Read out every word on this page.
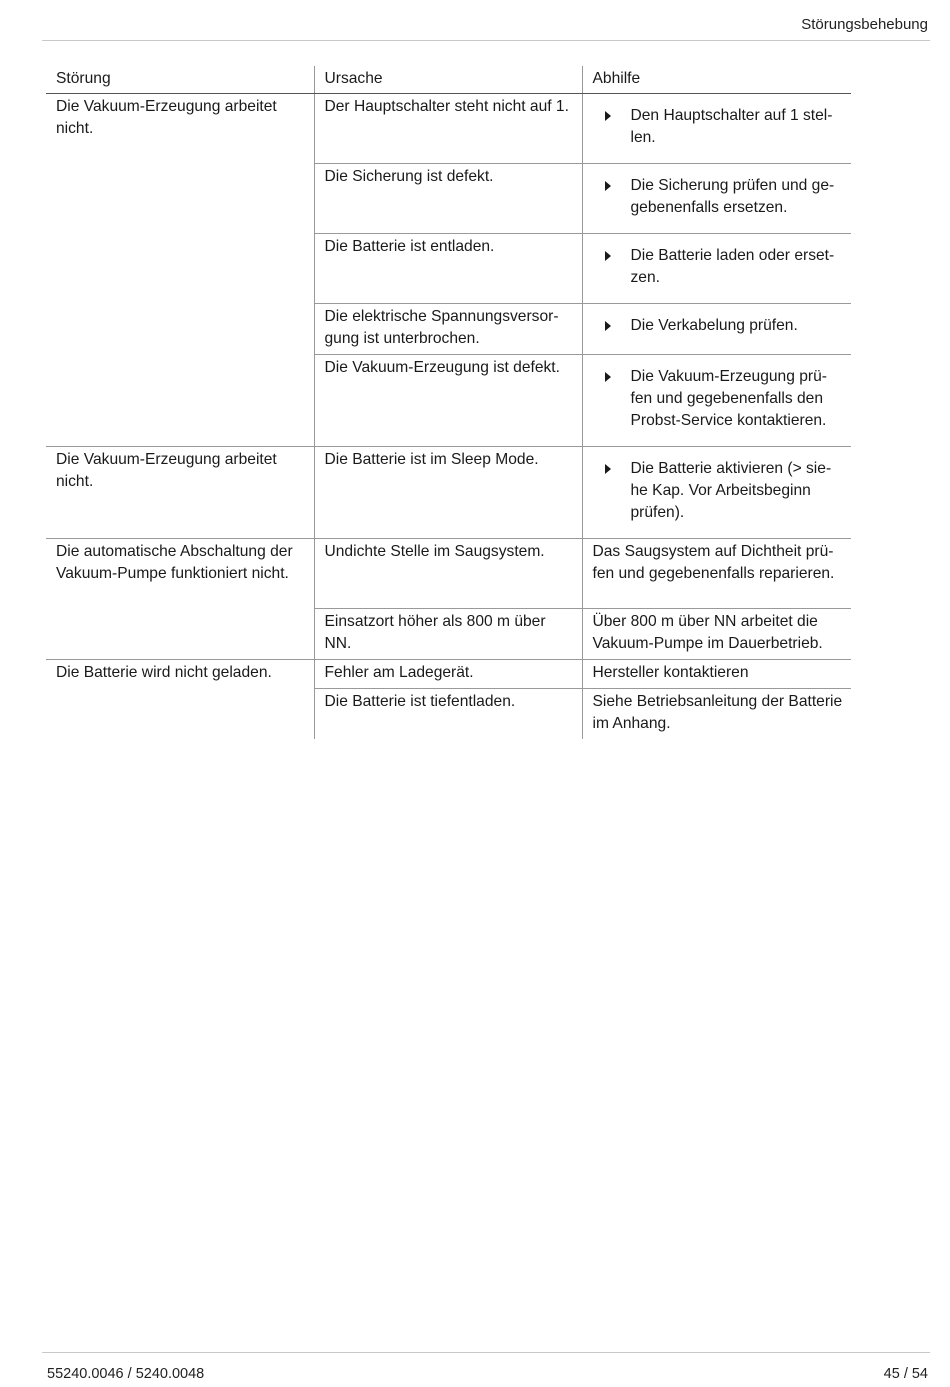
Störungsbehebung
Störung	Ursache	Abhilfe
Die Vakuum-Erzeugung arbeitet nicht.	Der Hauptschalter steht nicht auf 1.	Den Hauptschalter auf 1 stellen.

	Die Sicherung ist defekt.	Die Sicherung prüfen und gegebenenfalls ersetzen.

	Die Batterie ist entladen.	Die Batterie laden oder ersetzen.

	Die elektrische Spannungsversorgung ist unterbrochen.	Die Verkabelung prüfen.

	Die Vakuum-Erzeugung ist defekt.	Die Vakuum-Erzeugung prüfen und gegebenenfalls den Probst-Service kontaktieren.

Die Vakuum-Erzeugung arbeitet nicht.	Die Batterie ist im Sleep Mode.	Die Batterie aktivieren (> siehe Kap. Vor Arbeitsbeginn prüfen).

Die automatische Abschaltung der Vakuum-Pumpe funktioniert nicht.	Undichte Stelle im Saugsystem.	Das Saugsystem auf Dichtheit prüfen und gegebenenfalls reparieren.
	Einsatzort höher als 800 m über NN.	Über 800 m über NN arbeitet die Vakuum-Pumpe im Dauerbetrieb.
Die Batterie wird nicht geladen.	Fehler am Ladegerät.	Hersteller kontaktieren
	Die Batterie ist tiefentladen.	Siehe Betriebsanleitung der Batterie im Anhang.
55240.0046 / 5240.0048	45 / 54
